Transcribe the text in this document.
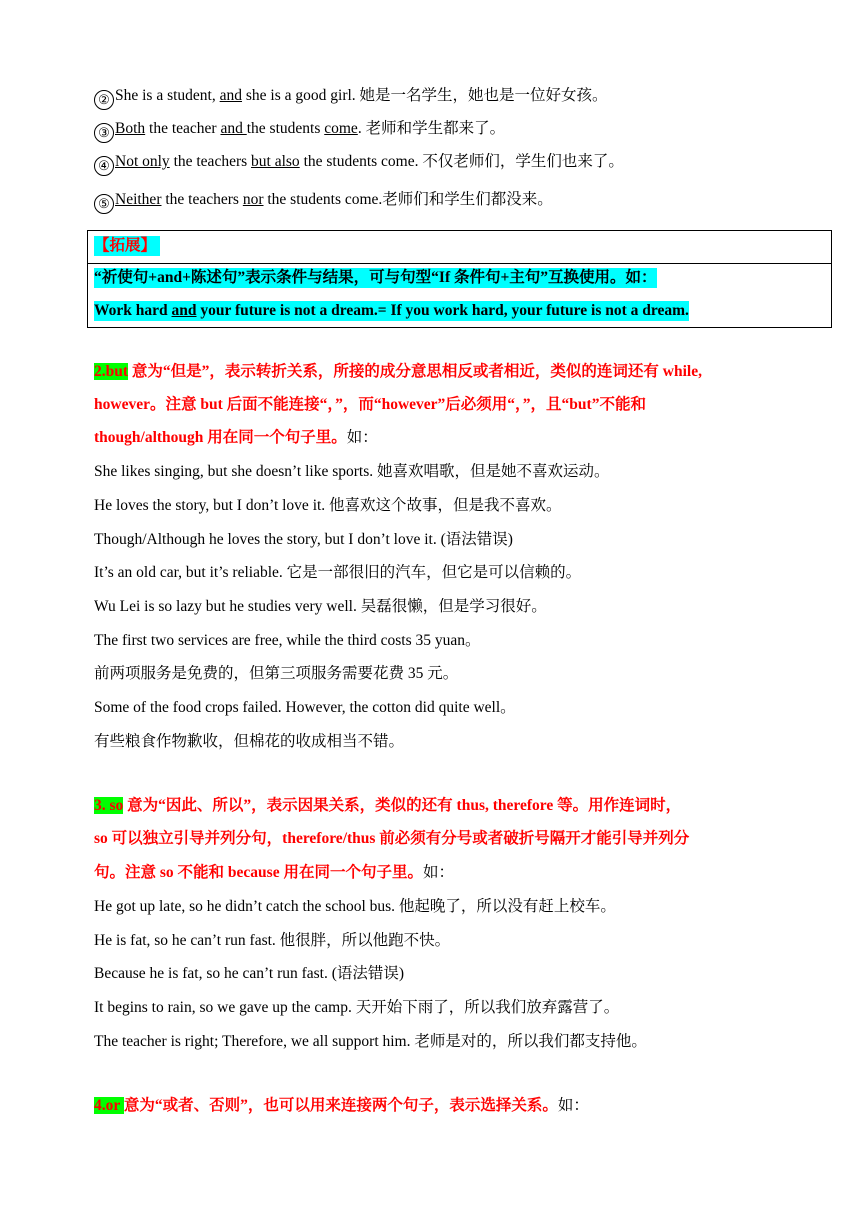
② She is a student, and she is a good girl. 她是一名学生，她也是一位好女孩。
③ Both the teacher and the students come. 老师和学生都来了。
④ Not only the teachers but also the students come. 不仅老师们，学生们也来了。
⑤ Neither the teachers nor the students come.老师们和学生们都没来。
【拓展】
“祈使句+and+陈述句”表示条件与结果，可与句型“If 条件句+主句”互换使用。如：
Work hard and your future is not a dream.= If you work hard, your future is not a dream.
2.but 意为“但是”，表示转折关系，所接的成分意思相反或者相近，类似的连词还有 while,
however。注意 but 后面不能连接“，”，而“however”后必须用“，”，且“but”不能和
though/although 用在同一个句子里。如：
She likes singing, but she doesn’t like sports. 她喜欢唱歌，但是她不喜欢运动。
He loves the story, but I don’t love it. 他喜欢这个故事，但是我不喜欢。
Though/Although he loves the story, but I don’t love it. (语法错误)
It’s an old car, but it’s reliable. 它是一部很旧的汽车，但它是可以信赖的。
Wu Lei is so lazy but he studies very well. 吴磊很懒，但是学习很好。
The first two services are free, while the third costs 35 yuan。
前两项服务是免费的，但第三项服务需要花费 35 元。
Some of the food crops failed. However, the cotton did quite well。
有些粮食作物歉收，但棉花的收成相当不错。
3. so 意为“因此、所以”，表示因果关系，类似的还有 thus, therefore 等。用作连词时，
so 可以独立引导并列分句，therefore/thus 前必须有分号或者破折号隔开才能引导并列分
句。注意 so 不能和 because 用在同一个句子里。如：
He got up late, so he didn’t catch the school bus. 他起晚了，所以没有赶上校车。
He is fat, so he can’t run fast. 他很胖，所以他跑不快。
Because he is fat, so he can’t run fast. (语法错误)
It begins to rain, so we gave up the camp. 天开始下雨了，所以我们放弃露营了。
The teacher is right; Therefore, we all support him. 老师是对的，所以我们都支持他。
4.or 意为“或者、否则”，也可以用来连接两个句子，表示选择关系。如：
